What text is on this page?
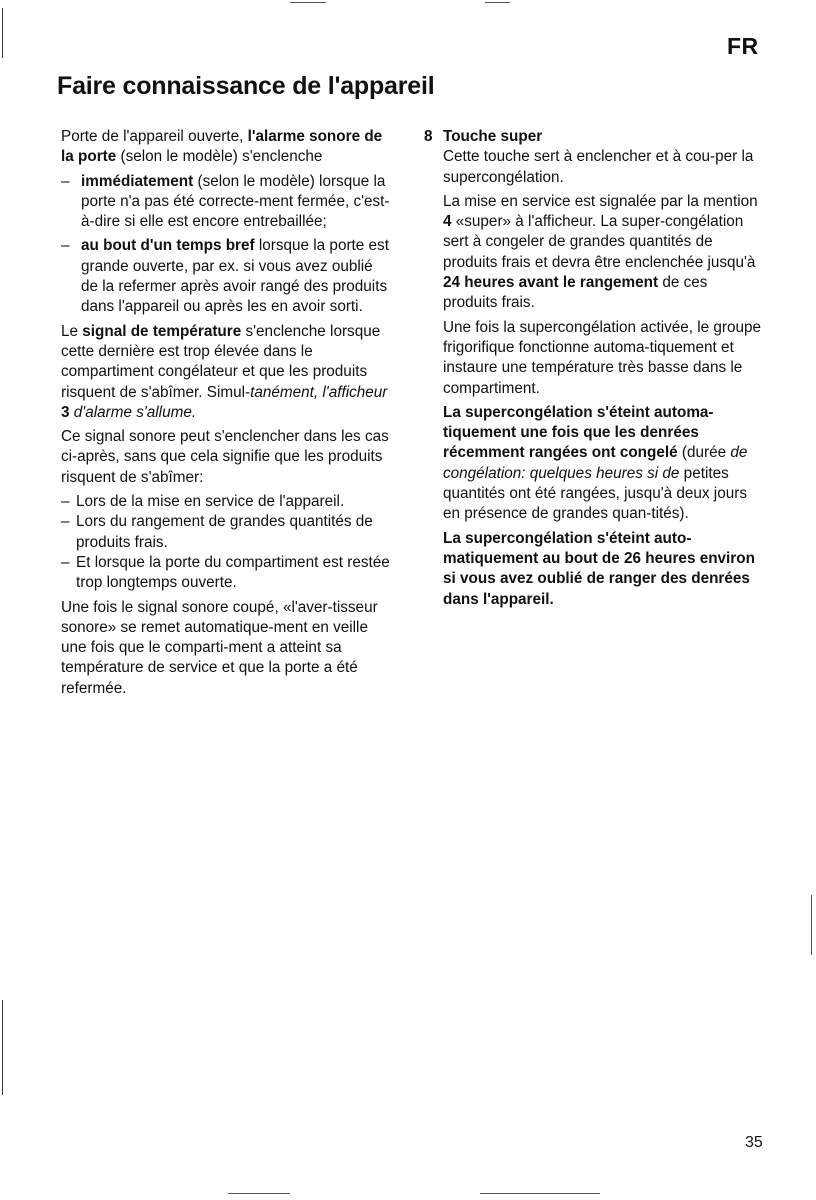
FR
Faire connaissance de l'appareil

Porte de l'appareil ouverte, l'alarme sonore de la porte (selon le modèle) s'enclenche

– immédiatement (selon le modèle) lorsque la porte n'a pas été correcte-ment fermée, c'est-à-dire si elle est encore entrebaillée;
– au bout d'un temps bref lorsque la porte est grande ouverte, par ex. si vous avez oublié de la refermer après avoir rangé des produits dans l'appareil ou après les en avoir sorti.

Le signal de température s'enclenche lorsque cette dernière est trop élevée dans le compartiment congélateur et que les produits risquent de s'abîmer. Simul-tanément, l'afficheur 3 d'alarme s'allume.

Ce signal sonore peut s'enclencher dans les cas ci-après, sans que cela signifie que les produits risquent de s'abîmer:

– Lors de la mise en service de l'appareil.
– Lors du rangement de grandes quantités de produits frais.
– Et lorsque la porte du compartiment est restée trop longtemps ouverte.

Une fois le signal sonore coupé, «l'aver-tisseur sonore» se remet automatique-ment en veille une fois que le comparti-ment a atteint sa température de service et que la porte a été refermée.

8 Touche super

Cette touche sert à enclencher et à cou-per la supercongélation.

La mise en service est signalée par la mention 4 «super» à l'afficheur. La super-congélation sert à congeler de grandes quantités de produits frais et devra être enclenchée jusqu'à 24 heures avant le rangement de ces produits frais.

Une fois la supercongélation activée, le groupe frigorifique fonctionne automa-tiquement et instaure une température très basse dans le compartiment.

La supercongélation s'éteint automa-tiquement une fois que les denrées récemment rangées ont congelé (durée de congélation: quelques heures si de petites quantités ont été rangées, jusqu'à deux jours en présence de grandes quan-tités).

La supercongélation s'éteint auto-matiquement au bout de 26 heures environ si vous avez oublié de ranger des denrées dans l'appareil.

35
